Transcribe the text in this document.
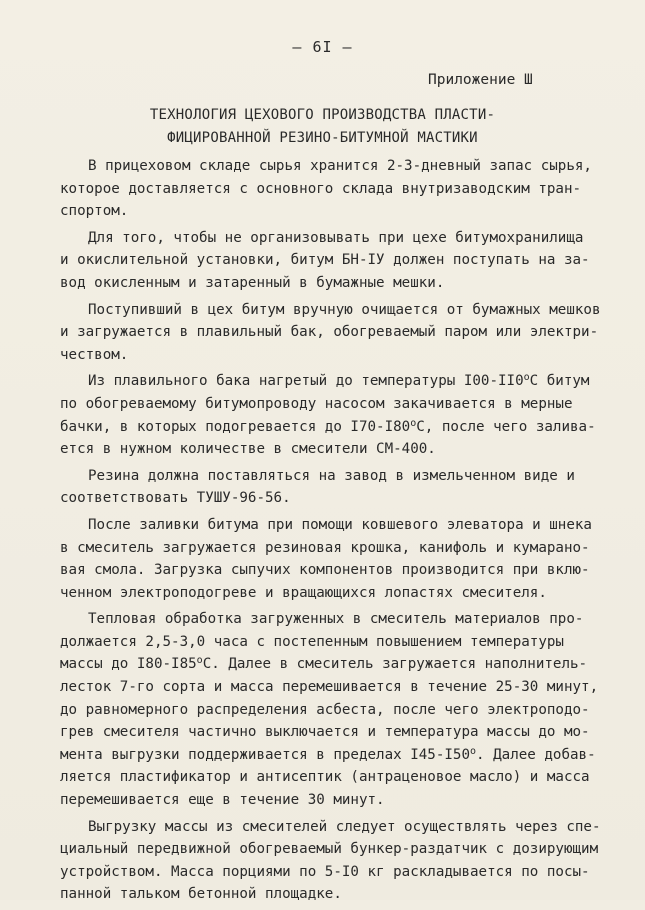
— 6I —
Приложение Ш
ТЕХНОЛОГИЯ ЦЕХОВОГО ПРОИЗВОДСТВА ПЛАСТИ-
ФИЦИРОВАННОЙ РЕЗИНО-БИТУМНОЙ МАСТИКИ
В прицеховом складе сырья хранится 2-3-дневный запас сырья,
которое доставляется с основного склада внутризаводским тран-
спортом.
Для того, чтобы не организовывать при цехе битумохранилища
и окислительной установки, битум БН-IУ должен поступать на за-
вод окисленным и затаренный в бумажные мешки.
Поступивший в цех битум вручную очищается от бумажных мешков
и загружается в плавильный бак, обогреваемый паром или электри-
чеством.
Из плавильного бака нагретый до температуры $I00-II0^оС$ битум
по обогреваемому битумопроводу насосом закачивается в мерные
бачки, в которых подогревается до $I70-I80^оС$, после чего залива-
ется в нужном количестве в смесители СМ-400.
Резина должна поставляться на завод в измельченном виде и
соответствовать ТУШУ-96-56.
После заливки битума при помощи ковшевого элеватора и шнека
в смеситель загружается резиновая крошка, канифоль и кумаранo-
вая смола. Загрузка сыпучих компонентов производится при вклю-
ченном электроподогреве и вращающихся лопастях смесителя.
Тепловая обработка загруженных в смеситель материалов про-
должается 2,5-3,0 часа с постепенным повышением температуры
массы до $I80-I85^оС$. Далее в смеситель загружается наполнитель-
лесток 7-го сорта и масса перемешивается в течение 25-30 минут,
до равномерного распределения асбеста, после чего электроподо-
грев смесителя частично выключается и температура массы до мо-
мента выгрузки поддерживается в пределах $I45-I50^о$. Далее добав-
ляется пластификатор и антисептик (антраценовое масло) и масса
перемешивается еще в течение 30 минут.
Выгрузку массы из смесителей следует осуществлять через спе-
циальный передвижной обогреваемый бункер-раздатчик с дозирующим
устройством. Масса порциями по 5-I0 кг раскладывается по посы-
панной тальком бетонной площадке.
